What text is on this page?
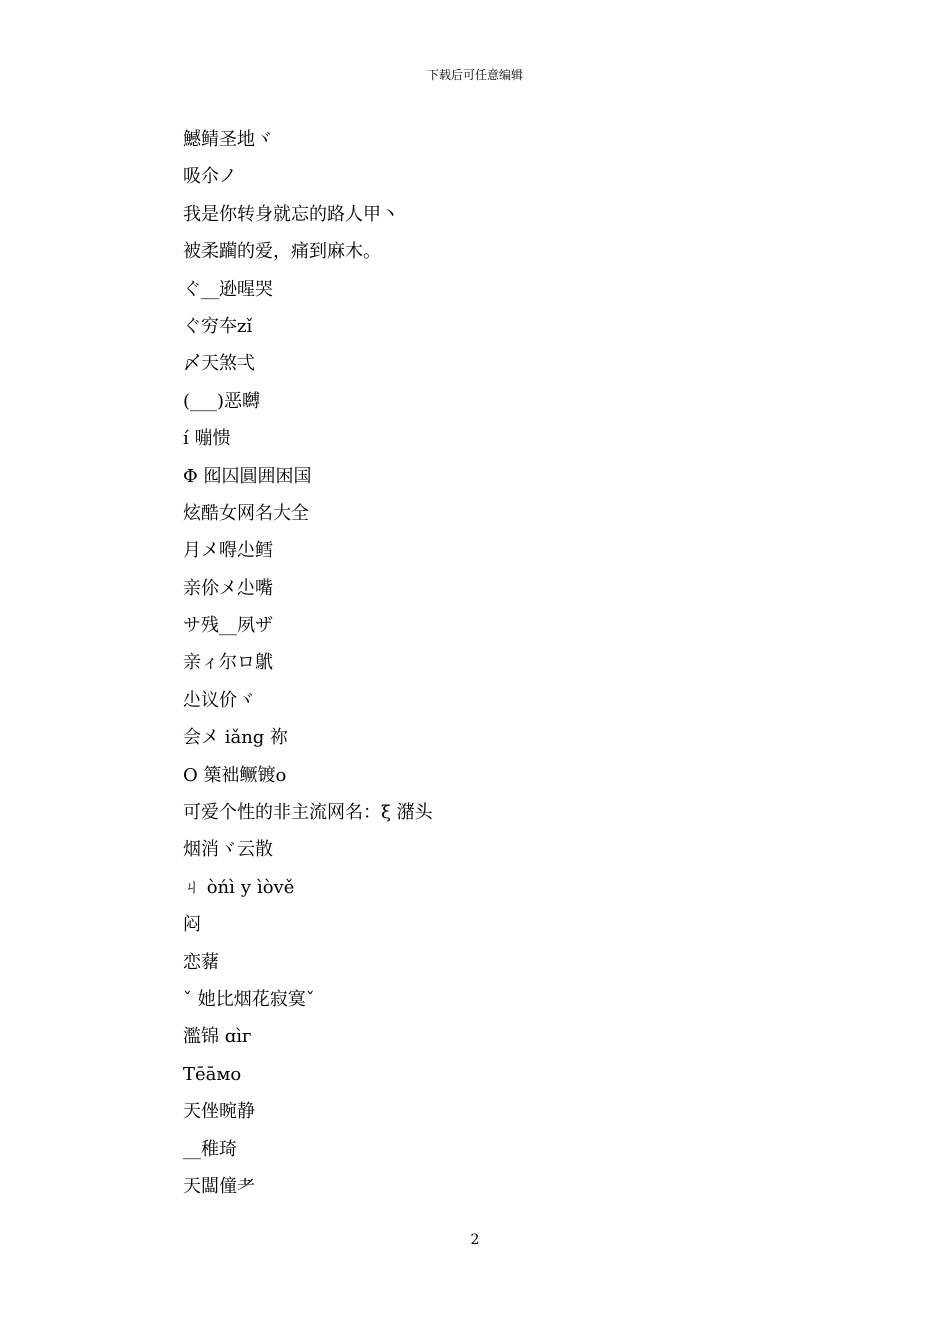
下载后可任意编辑
鱤鲭圣地ヾ
吸尒ノ
我是你转身就忘的路人甲丶
被柔躏的爱，痛到麻木。
ぐ__逊暒哭
ぐ穷夲zǐ
〆天煞弌
(___)恶嚩
í 嘣愦
Φ 囮囚圓囲困国
炫酷女网名大全
月メ嘚尐鳕
亲伱メ尐嘴
サ残__夙ザ
亲ィ尔ロ鴏
尐议价ヾ
会メ iǎng 祢
О 篥袦鳜镀ο
可爱个性的非主流网名：ξ 潴头
烟消ヾ云散
ㄐ òńì у ìòvě
闷
恋藸
ˇ 她比烟花寂寞ˇ
濫锦 ɑìг
Tēāмо
天侳晼静
__稚琦
天闆僮耂
2
